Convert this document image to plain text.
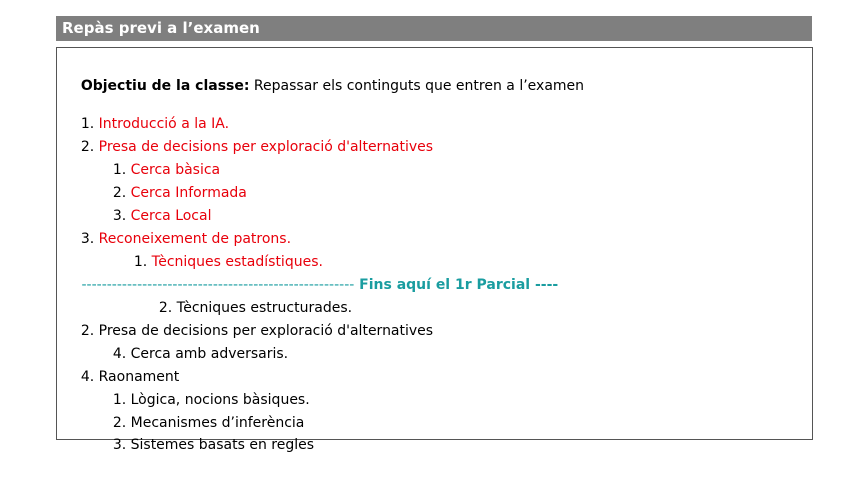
Repàs previ a l’examen

Objectiu de la classe: Repassar els continguts que entren a l’examen

1. Introducció a la IA.

2. Presa de decisions per exploració d'alternatives

1. Cerca bàsica

2. Cerca Informada

3. Cerca Local

3. Reconeixement de patrons.

1. Tècniques estadístiques.

------------------------------------------------------ Fins aquí el 1r Parcial ----

2. Tècniques estructurades.

2. Presa de decisions per exploració d'alternatives

4. Cerca amb adversaris.

4. Raonament

1. Lògica, nocions bàsiques.

2. Mecanismes d’inferència

3. Sistemes basats en regles
